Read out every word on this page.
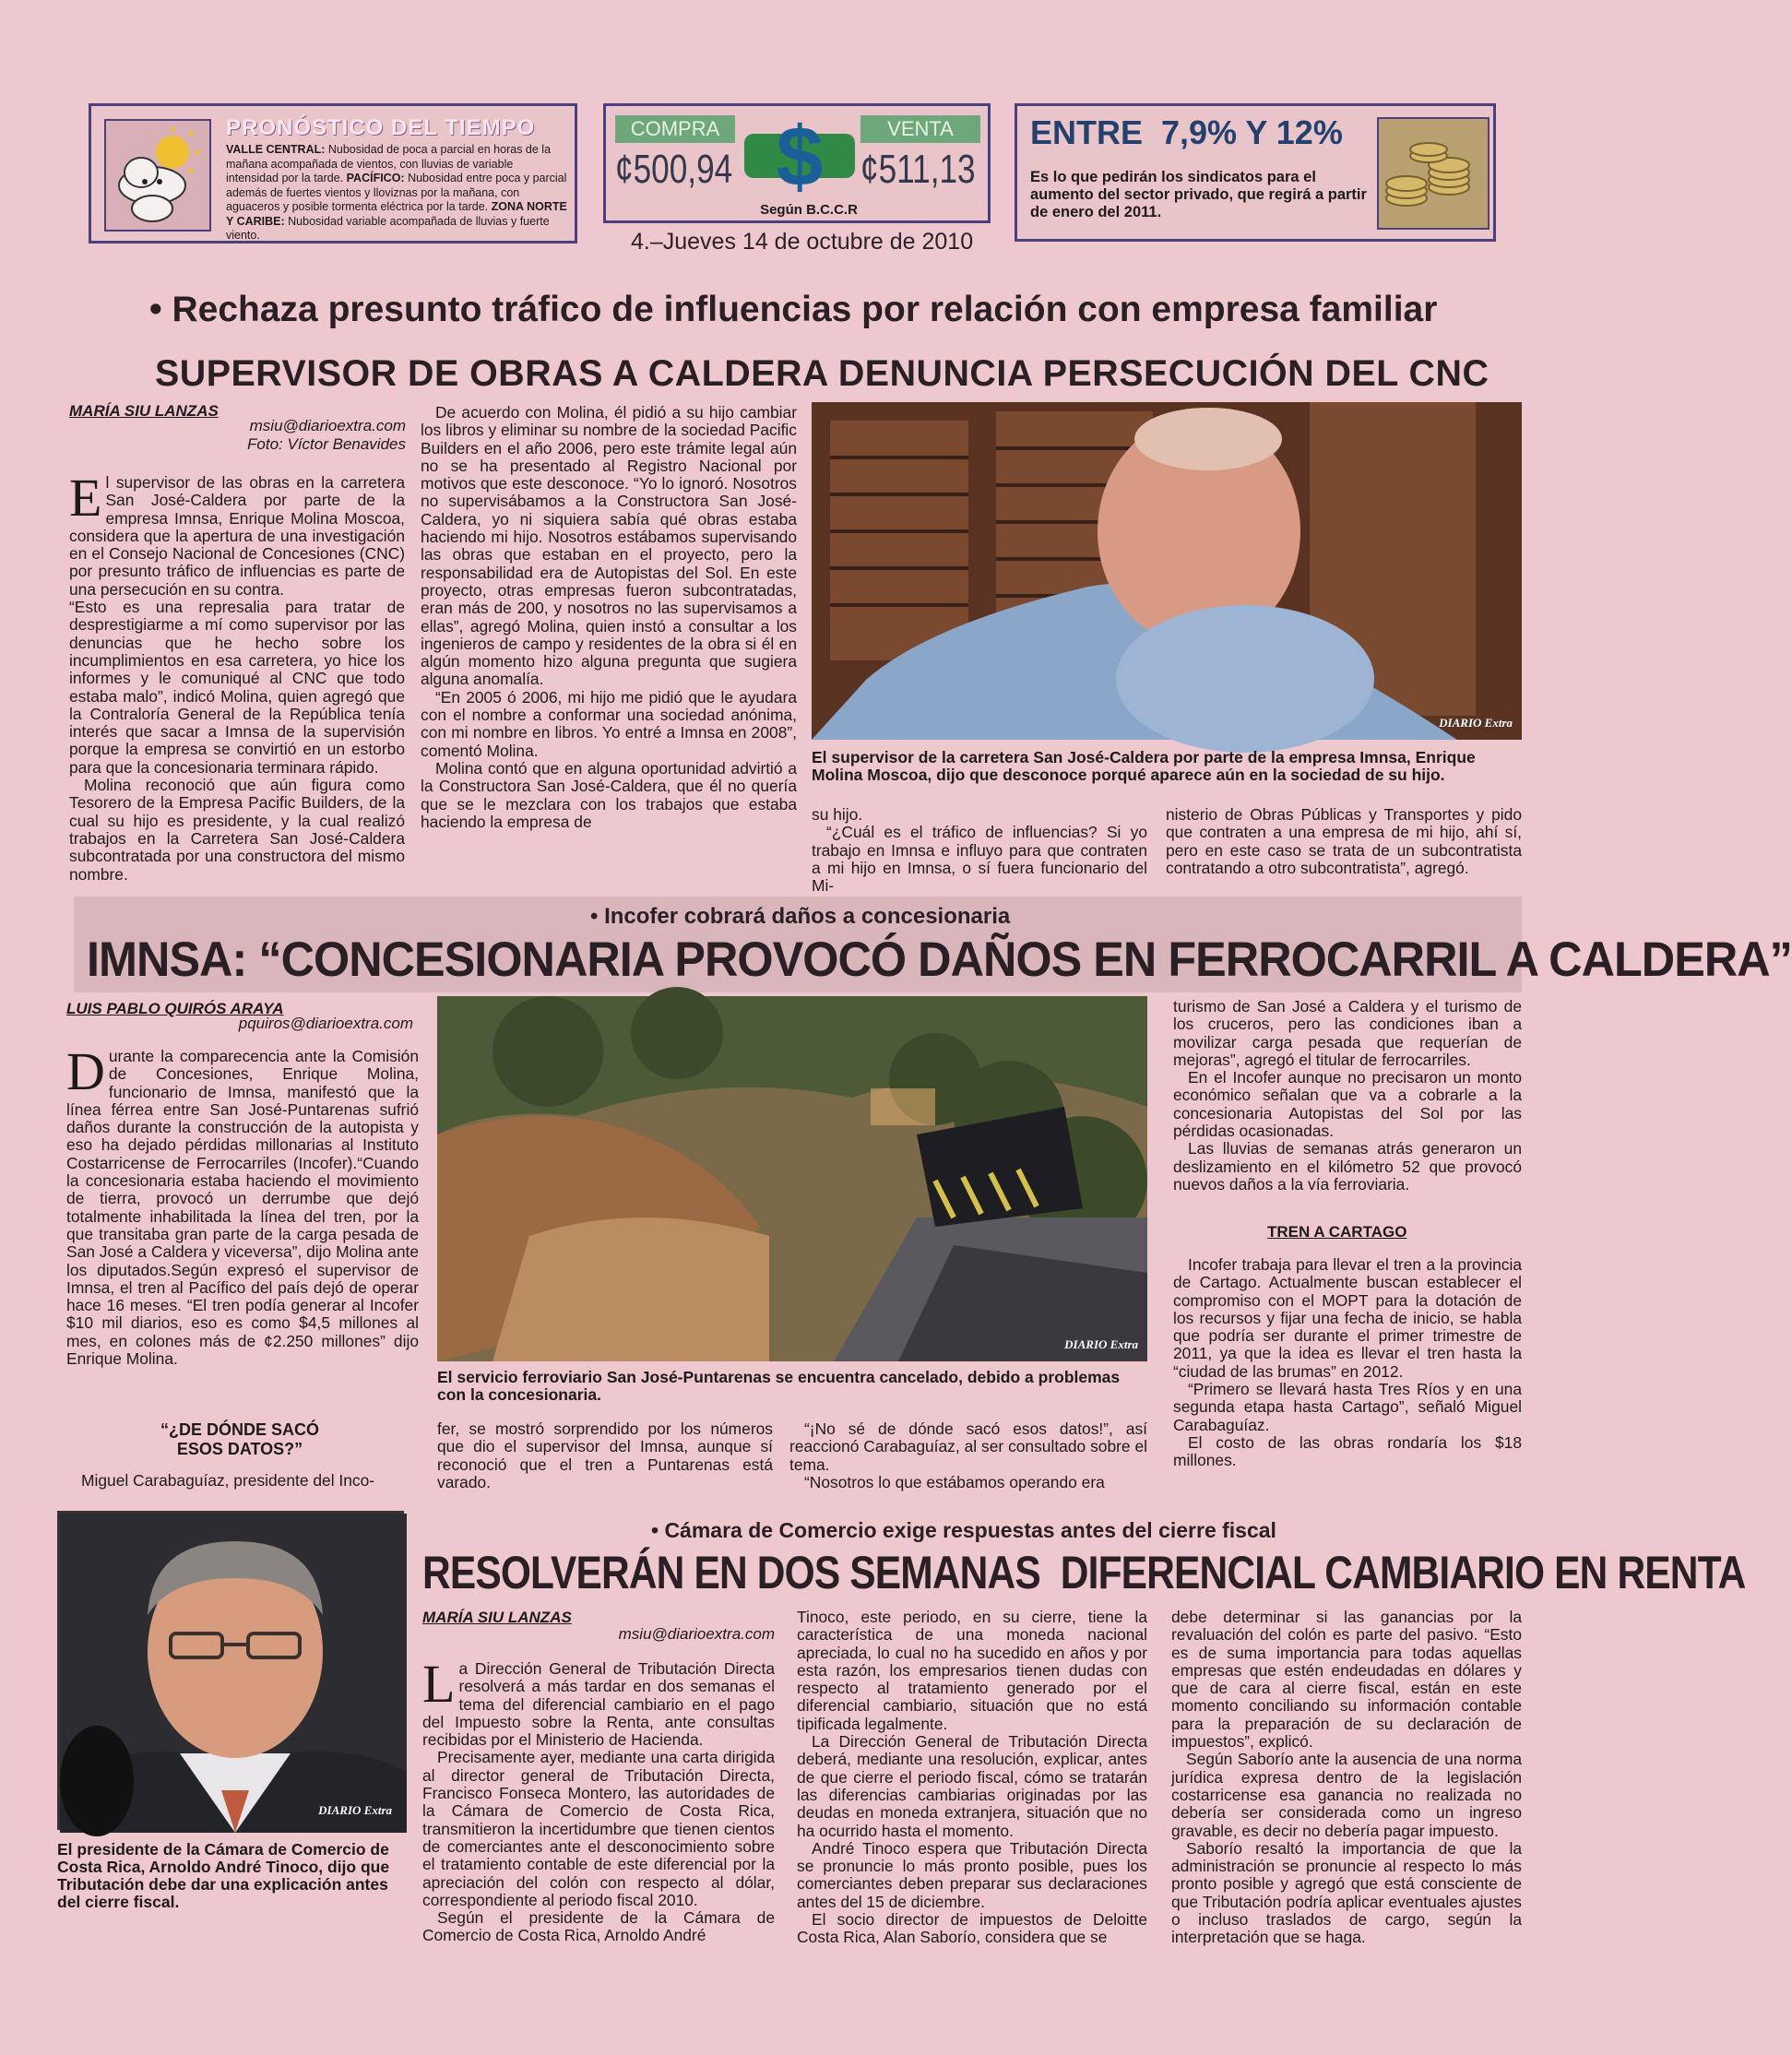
PRONÓSTICO DEL TIEMPO
VALLE CENTRAL: Nubosidad de poca a parcial en horas de la mañana acompañada de vientos, con lluvias de variable intensidad por la tarde. PACÍFICO: Nubosidad entre poca y parcial además de fuertes vientos y lloviznas por la mañana, con aguaceros y posible tormenta eléctrica por la tarde. ZONA NORTE Y CARIBE: Nubosidad variable acompañada de lluvias y fuerte viento.
COMPRA
¢500,94 $
Según B.C.C.R
VENTA
¢511,13
4.–Jueves 14 de octubre de 2010
ENTRE  7,9% Y 12%
Es lo que pedirán los sindicatos para el aumento del sector privado, que regirá a partir de enero del 2011.
• Rechaza presunto tráfico de influencias por relación con empresa familiar
SUPERVISOR DE OBRAS A CALDERA DENUNCIA PERSECUCIÓN DEL CNC
MARÍA SIU LANZAS
msiu@diarioextra.com
Foto: Víctor Benavides

El supervisor de las obras en la carretera San José-Caldera por parte de la empresa Imnsa, Enrique Molina Moscoa, considera que la apertura de una investigación en el Consejo Nacional de Concesiones (CNC) por presunto tráfico de influencias es parte de una persecución en su contra.

“Esto es una represalia para tratar de desprestigiarme a mí como supervisor por las denuncias que he hecho sobre los incumplimientos en esa carretera, yo hice los informes y le comuniqué al CNC que todo estaba malo”, indicó Molina, quien agregó que la Contraloría General de la República tenía interés que sacar a Imnsa de la supervisión porque la empresa se convirtió en un estorbo para que la concesionaria terminara rápido.

Molina reconoció que aún figura como Tesorero de la Empresa Pacific Builders, de la cual su hijo es presidente, y la cual realizó trabajos en la Carretera San José-Caldera subcontratada por una constructora del mismo nombre.

De acuerdo con Molina, él pidió a su hijo cambiar los libros y eliminar su nombre de la sociedad Pacific Builders en el año 2006, pero este trámite legal aún no se ha presentado al Registro Nacional por motivos que este desconoce. “Yo lo ignoró. Nosotros no supervisábamos a la Constructora San José-Caldera, yo ni siquiera sabía qué obras estaba haciendo mi hijo. Nosotros estábamos supervisando las obras que estaban en el proyecto, pero la responsabilidad era de Autopistas del Sol. En este proyecto, otras empresas fueron subcontratadas, eran más de 200, y nosotros no las supervisamos a ellas”, agregó Molina, quien instó a consultar a los ingenieros de campo y residentes de la obra si él en algún momento hizo alguna pregunta que sugiera alguna anomalía.

“En 2005 ó 2006, mi hijo me pidió que le ayudara con el nombre a conformar una sociedad anónima, con mi nombre en libros. Yo entré a Imnsa en 2008”, comentó Molina.

Molina contó que en alguna oportunidad advirtió a la Constructora San José-Caldera, que él no quería que se le mezclara con los trabajos que estaba haciendo la empresa de

DIARIO Extra
El supervisor de la carretera San José-Caldera por parte de la empresa Imnsa, Enrique Molina Moscoa, dijo que desconoce porqué aparece aún en la sociedad de su hijo.

su hijo.

“¿Cuál es el tráfico de influencias? Si yo trabajo en Imnsa e influyo para que contraten a mi hijo en Imnsa, o sí fuera funcionario del Mi-

nisterio de Obras Públicas y Transportes y pido que contraten a una empresa de mi hijo, ahí sí, pero en este caso se trata de un subcontratista contratando a otro subcontratista”, agregó.

• Incofer cobrará daños a concesionaria
IMNSA: “CONCESIONARIA PROVOCÓ DAÑOS EN FERROCARRIL A CALDERA”
LUIS PABLO QUIRÓS ARAYA
pquiros@diarioextra.com

Durante la comparecencia ante la Comisión de Concesiones, Enrique Molina, funcionario de Imnsa, manifestó que la línea férrea entre San José-Puntarenas sufrió daños durante la construcción de la autopista y eso ha dejado pérdidas millonarias al Instituto Costarricense de Ferrocarriles (Incofer).“Cuando la concesionaria estaba haciendo el movimiento de tierra, provocó un derrumbe que dejó totalmente inhabilitada la línea del tren, por la que transitaba gran parte de la carga pesada de San José a Caldera y viceversa”, dijo Molina ante los diputados.Según expresó el supervisor de Imnsa, el tren al Pacífico del país dejó de operar hace 16 meses. “El tren podía generar al Incofer $10 mil diarios, eso es como $4,5 millones al mes, en colones más de ¢2.250 millones” dijo Enrique Molina.

“¿DE DÓNDE SACÓ ESOS DATOS?”

Miguel Carabaguíaz, presidente del Inco-

DIARIO Extra
El servicio ferroviario San José-Puntarenas se encuentra cancelado, debido a problemas con la concesionaria.

fer, se mostró sorprendido por los números que dio el supervisor del Imnsa, aunque sí reconoció que el tren a Puntarenas está varado.

“¡No sé de dónde sacó esos datos!”, así reaccionó Carabaguíaz, al ser consultado sobre el tema.

“Nosotros lo que estábamos operando era

turismo de San José a Caldera y el turismo de los cruceros, pero las condiciones iban a movilizar carga pesada que requerían de mejoras”, agregó el titular de ferrocarriles.

En el Incofer aunque no precisaron un monto económico señalan que va a cobrarle a la concesionaria Autopistas del Sol por las pérdidas ocasionadas.

Las lluvias de semanas atrás generaron un deslizamiento en el kilómetro 52 que provocó nuevos daños a la vía ferroviaria.

TREN A CARTAGO

Incofer trabaja para llevar el tren a la provincia de Cartago. Actualmente buscan establecer el compromiso con el MOPT para la dotación de los recursos y fijar una fecha de inicio, se habla que podría ser durante el primer trimestre de 2011, ya que la idea es llevar el tren hasta la “ciudad de las brumas” en 2012.

“Primero se llevará hasta Tres Ríos y en una segunda etapa hasta Cartago”, señaló Miguel Carabaguíaz.

El costo de las obras rondaría los $18 millones.

DIARIO Extra
El presidente de la Cámara de Comercio de Costa Rica, Arnoldo André Tinoco, dijo que Tributación debe dar una explicación antes del cierre fiscal.
• Cámara de Comercio exige respuestas antes del cierre fiscal
RESOLVERÁN EN DOS SEMANAS  DIFERENCIAL CAMBIARIO EN RENTA
MARÍA SIU LANZAS
msiu@diarioextra.com

La Dirección General de Tributación Directa resolverá a más tardar en dos semanas el tema del diferencial cambiario en el pago del Impuesto sobre la Renta, ante consultas recibidas por el Ministerio de Hacienda.

Precisamente ayer, mediante una carta dirigida al director general de Tributación Directa, Francisco Fonseca Montero, las autoridades de la Cámara de Comercio de Costa Rica, transmitieron la incertidumbre que tienen cientos de comerciantes ante el desconocimiento sobre el tratamiento contable de este diferencial por la apreciación del colón con respecto al dólar, correspondiente al periodo fiscal 2010.

Según el presidente de la Cámara de Comercio de Costa Rica, Arnoldo André

Tinoco, este periodo, en su cierre, tiene la característica de una moneda nacional apreciada, lo cual no ha sucedido en años y por esta razón, los empresarios tienen dudas con respecto al tratamiento generado por el diferencial cambiario, situación que no está tipificada legalmente.

La Dirección General de Tributación Directa deberá, mediante una resolución, explicar, antes de que cierre el periodo fiscal, cómo se tratarán las diferencias cambiarias originadas por las deudas en moneda extranjera, situación que no ha ocurrido hasta el momento.

André Tinoco espera que Tributación Directa se pronuncie lo más pronto posible, pues los comerciantes deben preparar sus declaraciones antes del 15 de diciembre.

El socio director de impuestos de Deloitte Costa Rica, Alan Saborío, considera que se

debe determinar si las ganancias por la revaluación del colón es parte del pasivo. “Esto es de suma importancia para todas aquellas empresas que estén endeudadas en dólares y que de cara al cierre fiscal, están en este momento conciliando su información contable para la preparación de su declaración de impuestos”, explicó.

Según Saborío ante la ausencia de una norma jurídica expresa dentro de la legislación costarricense esa ganancia no realizada no debería ser considerada como un ingreso gravable, es decir no debería pagar impuesto.

Saborío resaltó la importancia de que la administración se pronuncie al respecto lo más pronto posible y agregó que está consciente de que Tributación podría aplicar eventuales ajustes o incluso traslados de cargo, según la interpretación que se haga.
